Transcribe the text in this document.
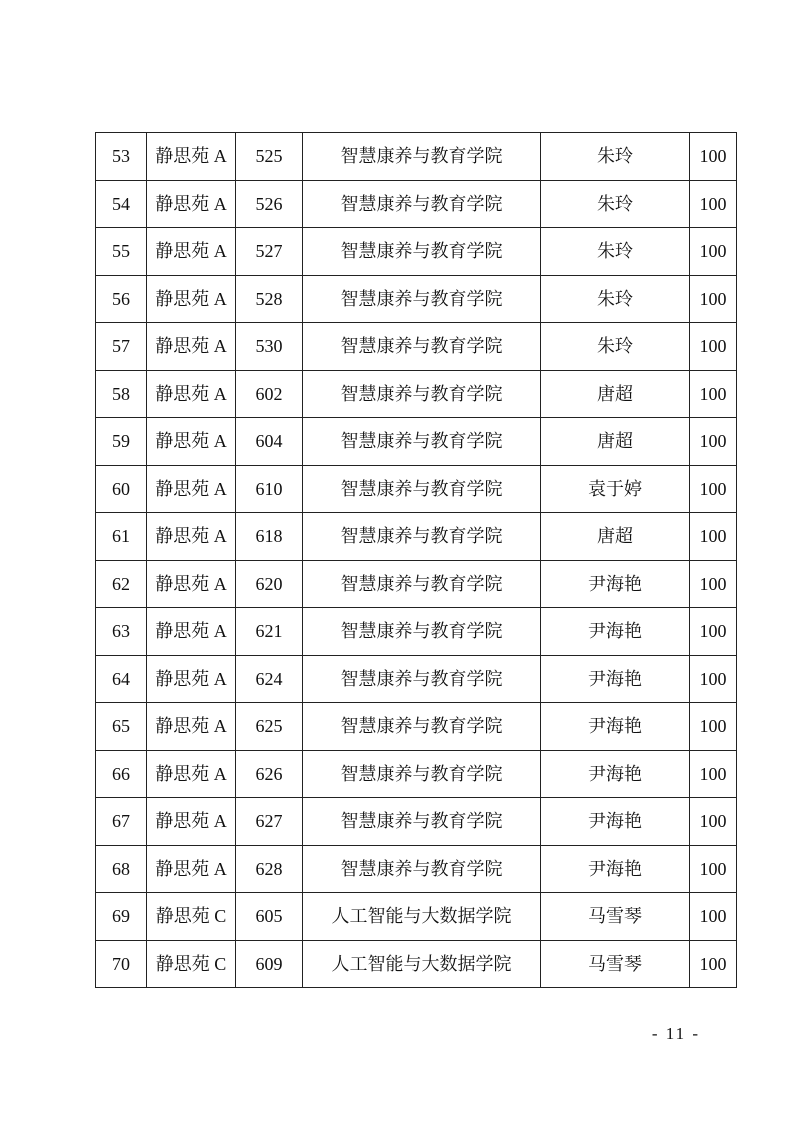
53	静思苑 A	525	智慧康养与教育学院	朱玲	100
54	静思苑 A	526	智慧康养与教育学院	朱玲	100
55	静思苑 A	527	智慧康养与教育学院	朱玲	100
56	静思苑 A	528	智慧康养与教育学院	朱玲	100
57	静思苑 A	530	智慧康养与教育学院	朱玲	100
58	静思苑 A	602	智慧康养与教育学院	唐超	100
59	静思苑 A	604	智慧康养与教育学院	唐超	100
60	静思苑 A	610	智慧康养与教育学院	袁于婷	100
61	静思苑 A	618	智慧康养与教育学院	唐超	100
62	静思苑 A	620	智慧康养与教育学院	尹海艳	100
63	静思苑 A	621	智慧康养与教育学院	尹海艳	100
64	静思苑 A	624	智慧康养与教育学院	尹海艳	100
65	静思苑 A	625	智慧康养与教育学院	尹海艳	100
66	静思苑 A	626	智慧康养与教育学院	尹海艳	100
67	静思苑 A	627	智慧康养与教育学院	尹海艳	100
68	静思苑 A	628	智慧康养与教育学院	尹海艳	100
69	静思苑 C	605	人工智能与大数据学院	马雪琴	100
70	静思苑 C	609	人工智能与大数据学院	马雪琴	100
- 11 -
